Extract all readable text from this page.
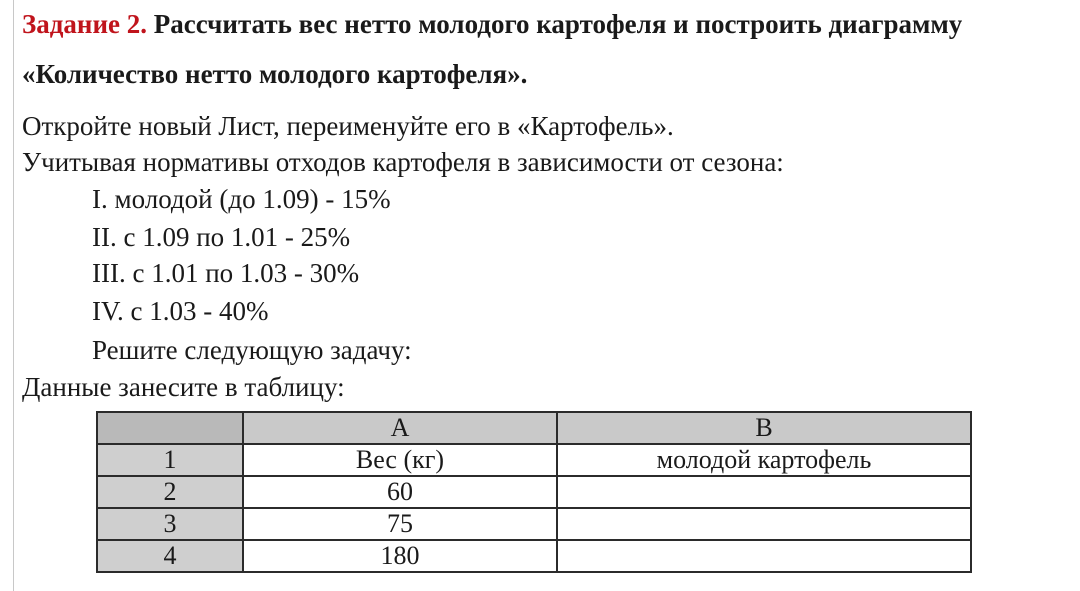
Задание 2. Рассчитать вес нетто молодого картофеля и построить диаграмму
«Количество нетто молодого картофеля».
Откройте новый Лист, переименуйте его в «Картофель».
Учитывая нормативы отходов картофеля в зависимости от сезона:
I. молодой (до 1.09) - 15%
II. с 1.09 по 1.01 - 25%
III. с 1.01 по 1.03 - 30%
IV. с 1.03 - 40%
Решите следующую задачу:
Данные занесите в таблицу:
	A	B
1	Вес (кг)	молодой картофель
2	60	
3	75	
4	180	
